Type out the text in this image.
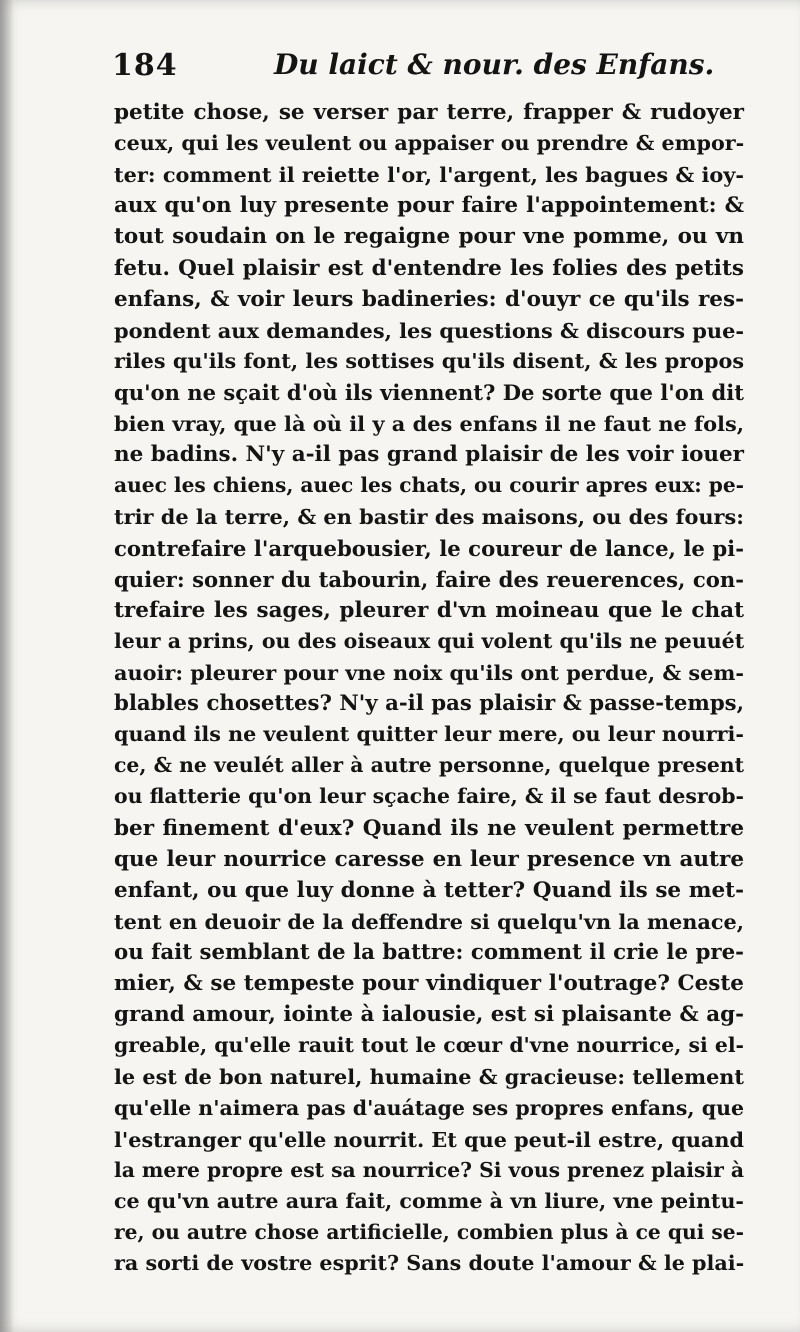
184	Du laict & nour. des Enfans.
petite chose, se verser par terre, frapper & rudoyer
ceux, qui les veulent ou appaiser ou prendre & empor-
ter: comment il reiette l'or, l'argent, les bagues & ioy-
aux qu'on luy presente pour faire l'appointement: &
tout soudain on le regaigne pour vne pomme, ou vn
fetu. Quel plaisir est d'entendre les folies des petits
enfans, & voir leurs badineries: d'ouyr ce qu'ils res-
pondent aux demandes, les questions & discours pue-
riles qu'ils font, les sottises qu'ils disent, & les propos
qu'on ne sçait d'où ils viennent? De sorte que l'on dit
bien vray, que là où il y a des enfans il ne faut ne fols,
ne badins. N'y a-il pas grand plaisir de les voir iouer
auec les chiens, auec les chats, ou courir apres eux: pe-
trir de la terre, & en bastir des maisons, ou des fours:
contrefaire l'arquebousier, le coureur de lance, le pi-
quier: sonner du tabourin, faire des reuerences, con-
trefaire les sages, pleurer d'vn moineau que le chat
leur a prins, ou des oiseaux qui volent qu'ils ne peuuét
auoir: pleurer pour vne noix qu'ils ont perdue, & sem-
blables chosettes? N'y a-il pas plaisir & passe-temps,
quand ils ne veulent quitter leur mere, ou leur nourri-
ce, & ne veulét aller à autre personne, quelque present
ou flatterie qu'on leur sçache faire, & il se faut desrob-
ber finement d'eux? Quand ils ne veulent permettre
que leur nourrice caresse en leur presence vn autre
enfant, ou que luy donne à tetter? Quand ils se met-
tent en deuoir de la deffendre si quelqu'vn la menace,
ou fait semblant de la battre: comment il crie le pre-
mier, & se tempeste pour vindiquer l'outrage? Ceste
grand amour, iointe à ialousie, est si plaisante & ag-
greable, qu'elle rauit tout le cœur d'vne nourrice, si el-
le est de bon naturel, humaine & gracieuse: tellement
qu'elle n'aimera pas d'auátage ses propres enfans, que
l'estranger qu'elle nourrit. Et que peut-il estre, quand
la mere propre est sa nourrice? Si vous prenez plaisir à
ce qu'vn autre aura fait, comme à vn liure, vne peintu-
re, ou autre chose artificielle, combien plus à ce qui se-
ra sorti de vostre esprit? Sans doute l'amour & le plai-
